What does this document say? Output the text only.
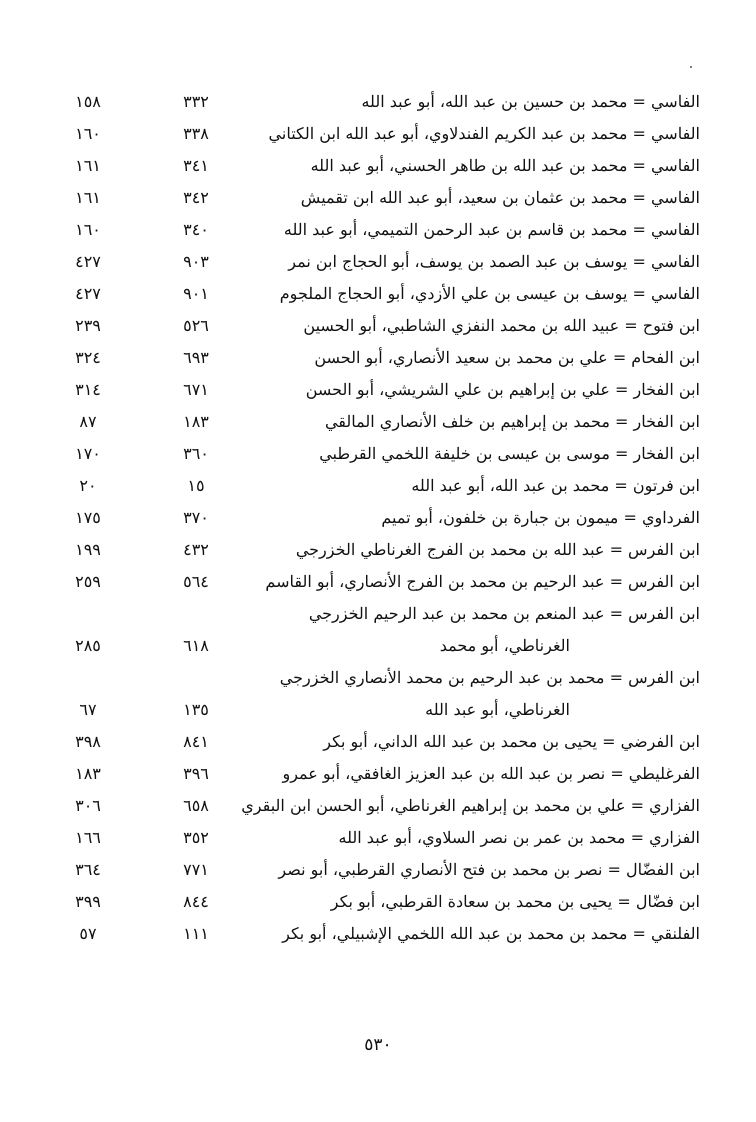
الفاسي = محمد بن حسين بن عبد الله، أبو عبد الله
٣٣٢
١٥٨
الفاسي = محمد بن عبد الكريم الفندلاوي، أبو عبد الله ابن الكتاني
٣٣٨
١٦٠
الفاسي = محمد بن عبد الله بن طاهر الحسني، أبو عبد الله
٣٤١
١٦١
الفاسي = محمد بن عثمان بن سعيد، أبو عبد الله ابن تقميش
٣٤٢
١٦١
الفاسي = محمد بن قاسم بن عبد الرحمن التميمي، أبو عبد الله
٣٤٠
١٦٠
الفاسي = يوسف بن عبد الصمد بن يوسف، أبو الحجاج ابن نمر
٩٠٣
٤٢٧
الفاسي = يوسف بن عيسى بن علي الأزدي، أبو الحجاج الملجوم
٩٠١
٤٢٧
ابن فتوح = عبيد الله بن محمد النفزي الشاطبي، أبو الحسين
٥٢٦
٢٣٩
ابن الفحام = علي بن محمد بن سعيد الأنصاري، أبو الحسن
٦٩٣
٣٢٤
ابن الفخار = علي بن إبراهيم بن علي الشريشي، أبو الحسن
٦٧١
٣١٤
ابن الفخار = محمد بن إبراهيم بن خلف الأنصاري المالقي
١٨٣
٨٧
ابن الفخار = موسى بن عيسى بن خليفة اللخمي القرطبي
٣٦٠
١٧٠
ابن فرتون = محمد بن عبد الله، أبو عبد الله
١٥
٢٠
الفرداوي = ميمون بن جبارة بن خلفون، أبو تميم
٣٧٠
١٧٥
ابن الفرس = عبد الله بن محمد بن الفرج الغرناطي الخزرجي
٤٣٢
١٩٩
ابن الفرس = عبد الرحيم بن محمد بن الفرج الأنصاري، أبو القاسم
٥٦٤
٢٥٩
ابن الفرس = عبد المنعم بن محمد بن عبد الرحيم الخزرجي
الغرناطي، أبو محمد
٦١٨
٢٨٥
ابن الفرس = محمد بن عبد الرحيم بن محمد الأنصاري الخزرجي
الغرناطي، أبو عبد الله
١٣٥
٦٧
ابن الفرضي = يحيى بن محمد بن عبد الله الداني، أبو بكر
٨٤١
٣٩٨
الفرغليطي = نصر بن عبد الله بن عبد العزيز الغافقي، أبو عمرو
٣٩٦
١٨٣
الفزاري = علي بن محمد بن إبراهيم الغرناطي، أبو الحسن ابن البقري
٦٥٨
٣٠٦
الفزاري = محمد بن عمر بن نصر السلاوي، أبو عبد الله
٣٥٢
١٦٦
ابن الفضّال = نصر بن محمد بن فتح الأنصاري القرطبي، أبو نصر
٧٧١
٣٦٤
ابن فضّال = يحيى بن محمد بن سعادة القرطبي، أبو بكر
٨٤٤
٣٩٩
الفلنقي = محمد بن محمد بن عبد الله اللخمي الإشبيلي، أبو بكر
١١١
٥٧
٥٣٠
